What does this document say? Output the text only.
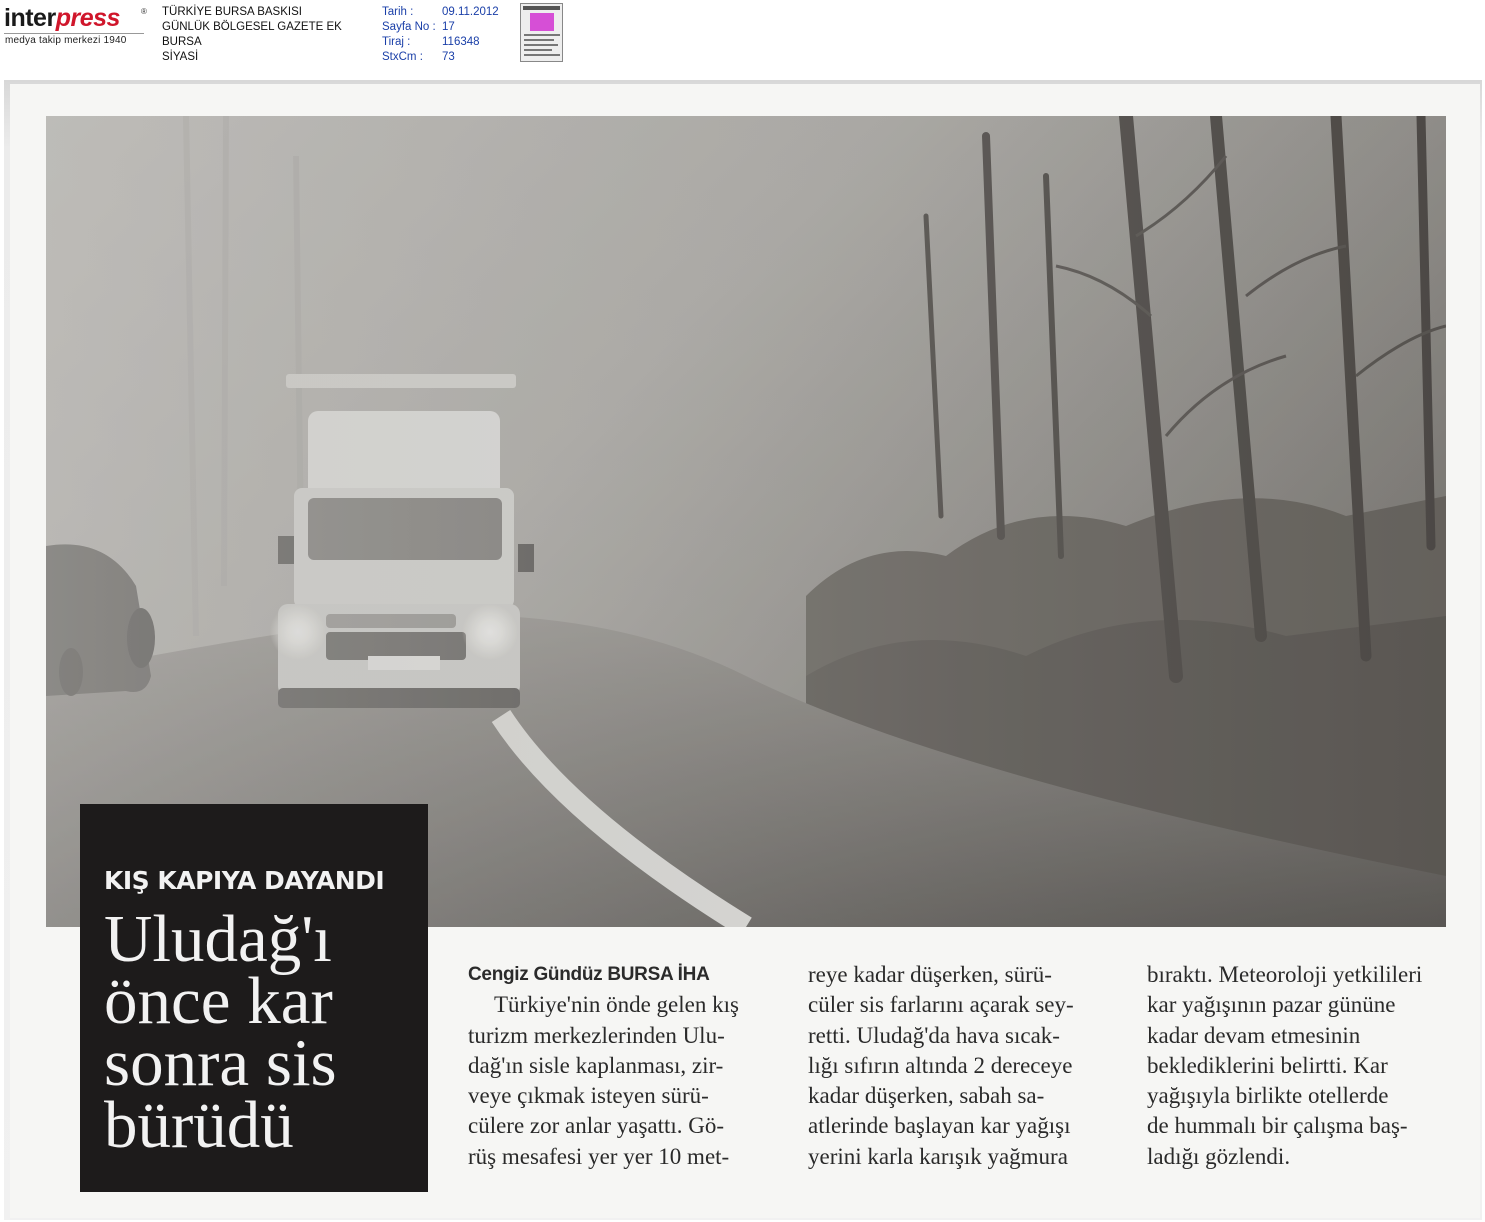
interpress	®
medya takip merkezi 1940
TÜRKİYE BURSA BASKISI
GÜNLÜK BÖLGESEL GAZETE EK
BURSA
SİYASİ
Tarih :	09.11.2012
Sayfa No : 17
Tiraj :	116348
StxCm :	73
KIŞ KAPIYA DAYANDI
Uludağ'ı
önce kar
sonra sis
bürüdü

Cengiz Gündüz BURSA İHA

Türkiye'nin önde gelen kış

turizm merkezlerinden Ulu-

dağ'ın sisle kaplanması, zir-

veye çıkmak isteyen sürü-

cülere zor anlar yaşattı. Gö-

rüş mesafesi yer yer 10 met-

reye kadar düşerken, sürü-

cüler sis farlarını açarak sey-

retti. Uludağ'da hava sıcak-

lığı sıfırın altında 2 dereceye

kadar düşerken, sabah sa-

atlerinde başlayan kar yağışı

yerini karla karışık yağmura

bıraktı. Meteoroloji yetkilileri

kar yağışının pazar gününe

kadar devam etmesinin

beklediklerini belirtti. Kar

yağışıyla birlikte otellerde

de hummalı bir çalışma baş-

ladığı gözlendi.
